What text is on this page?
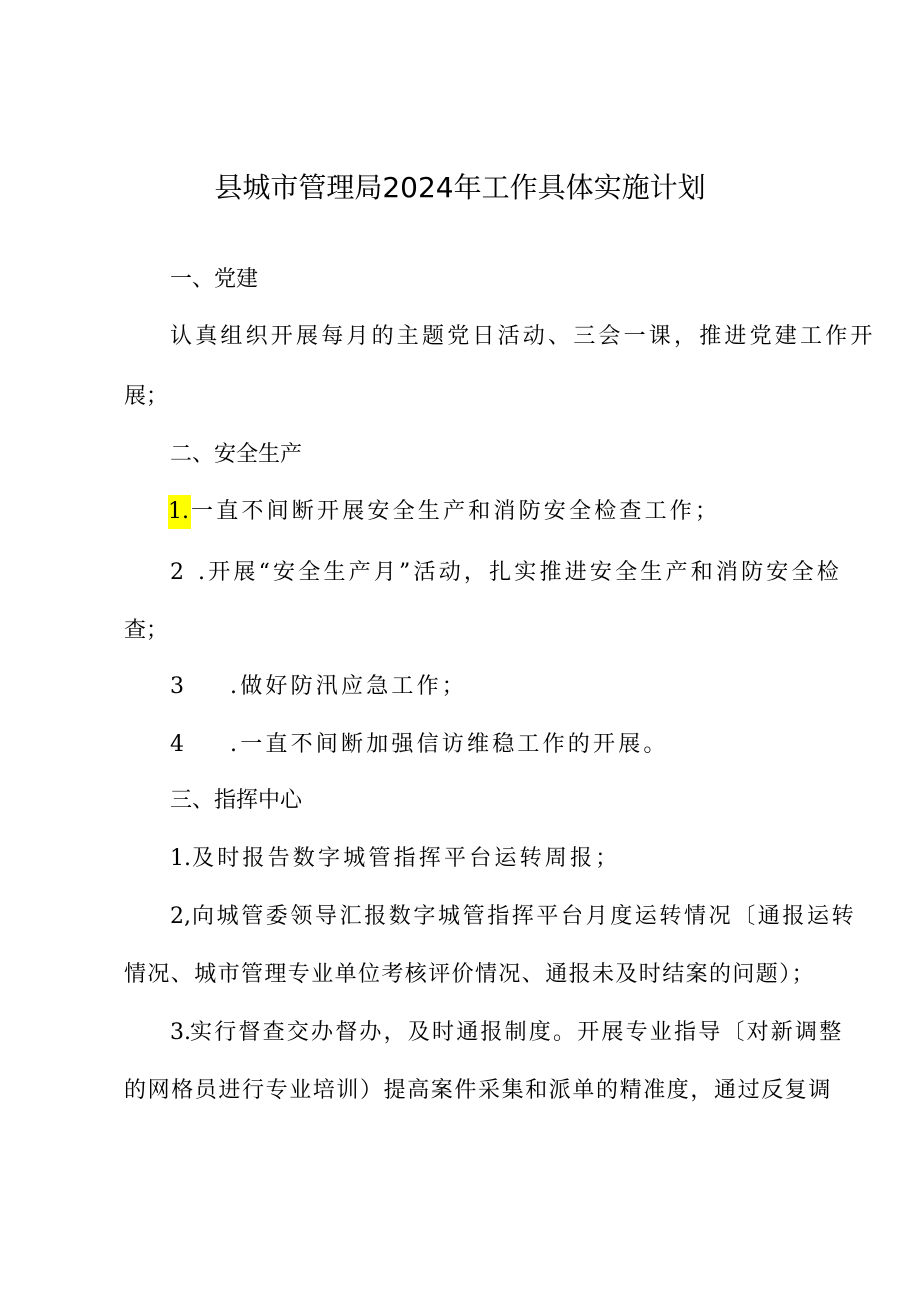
县城市管理局2024年工作具体实施计划
一、党建
认真组织开展每月的主题党日活动、三会一课，推进党建工作开
展；
二、安全生产
1.一直不间断开展安全生产和消防安全检查工作；
2 .开展“安全生产月”活动，扎实推进安全生产和消防安全检
查；
3 .做好防汛应急工作；
4 .一直不间断加强信访维稳工作的开展。
三、指挥中心
1. 及时报告数字城管指挥平台运转周报；
2, 向城管委领导汇报数字城管指挥平台月度运转情况〔通报运转
情况、城市管理专业单位考核评价情况、通报未及时结案的问题）；
3. 实行督查交办督办，及时通报制度。开展专业指导〔对新调整
的网格员进行专业培训）提高案件采集和派单的精准度，通过反复调
